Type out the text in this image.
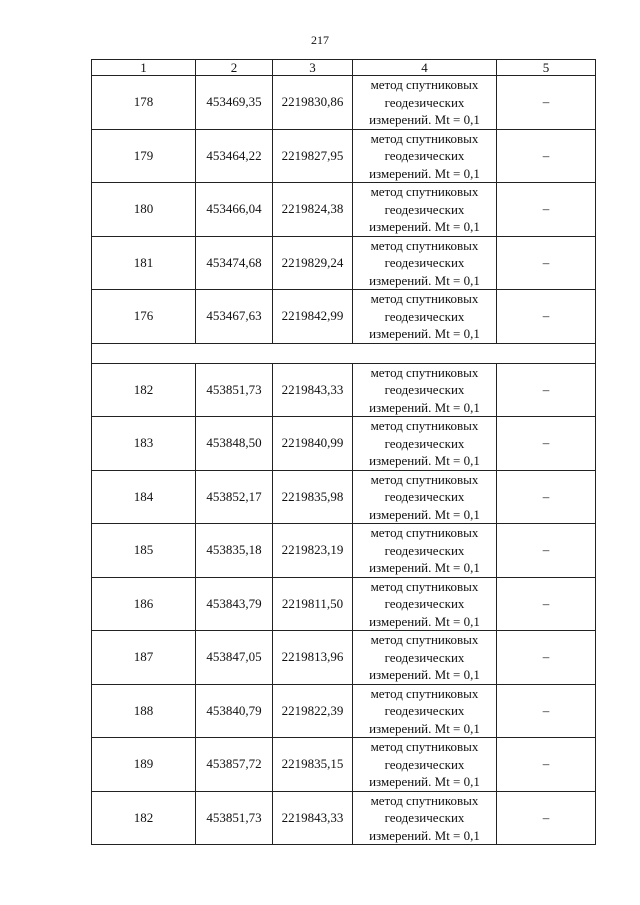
217
1	2	3	4	5
178	453469,35	2219830,86	метод спутниковых
геодезических
измерений. Mt = 0,1	–
179	453464,22	2219827,95	метод спутниковых
геодезических
измерений. Mt = 0,1	–
180	453466,04	2219824,38	метод спутниковых
геодезических
измерений. Mt = 0,1	–
181	453474,68	2219829,24	метод спутниковых
геодезических
измерений. Mt = 0,1	–
176	453467,63	2219842,99	метод спутниковых
геодезических
измерений. Mt = 0,1	–

182	453851,73	2219843,33	метод спутниковых
геодезических
измерений. Mt = 0,1	–
183	453848,50	2219840,99	метод спутниковых
геодезических
измерений. Mt = 0,1	–
184	453852,17	2219835,98	метод спутниковых
геодезических
измерений. Mt = 0,1	–
185	453835,18	2219823,19	метод спутниковых
геодезических
измерений. Mt = 0,1	–
186	453843,79	2219811,50	метод спутниковых
геодезических
измерений. Mt = 0,1	–
187	453847,05	2219813,96	метод спутниковых
геодезических
измерений. Mt = 0,1	–
188	453840,79	2219822,39	метод спутниковых
геодезических
измерений. Mt = 0,1	–
189	453857,72	2219835,15	метод спутниковых
геодезических
измерений. Mt = 0,1	–
182	453851,73	2219843,33	метод спутниковых
геодезических
измерений. Mt = 0,1	–
